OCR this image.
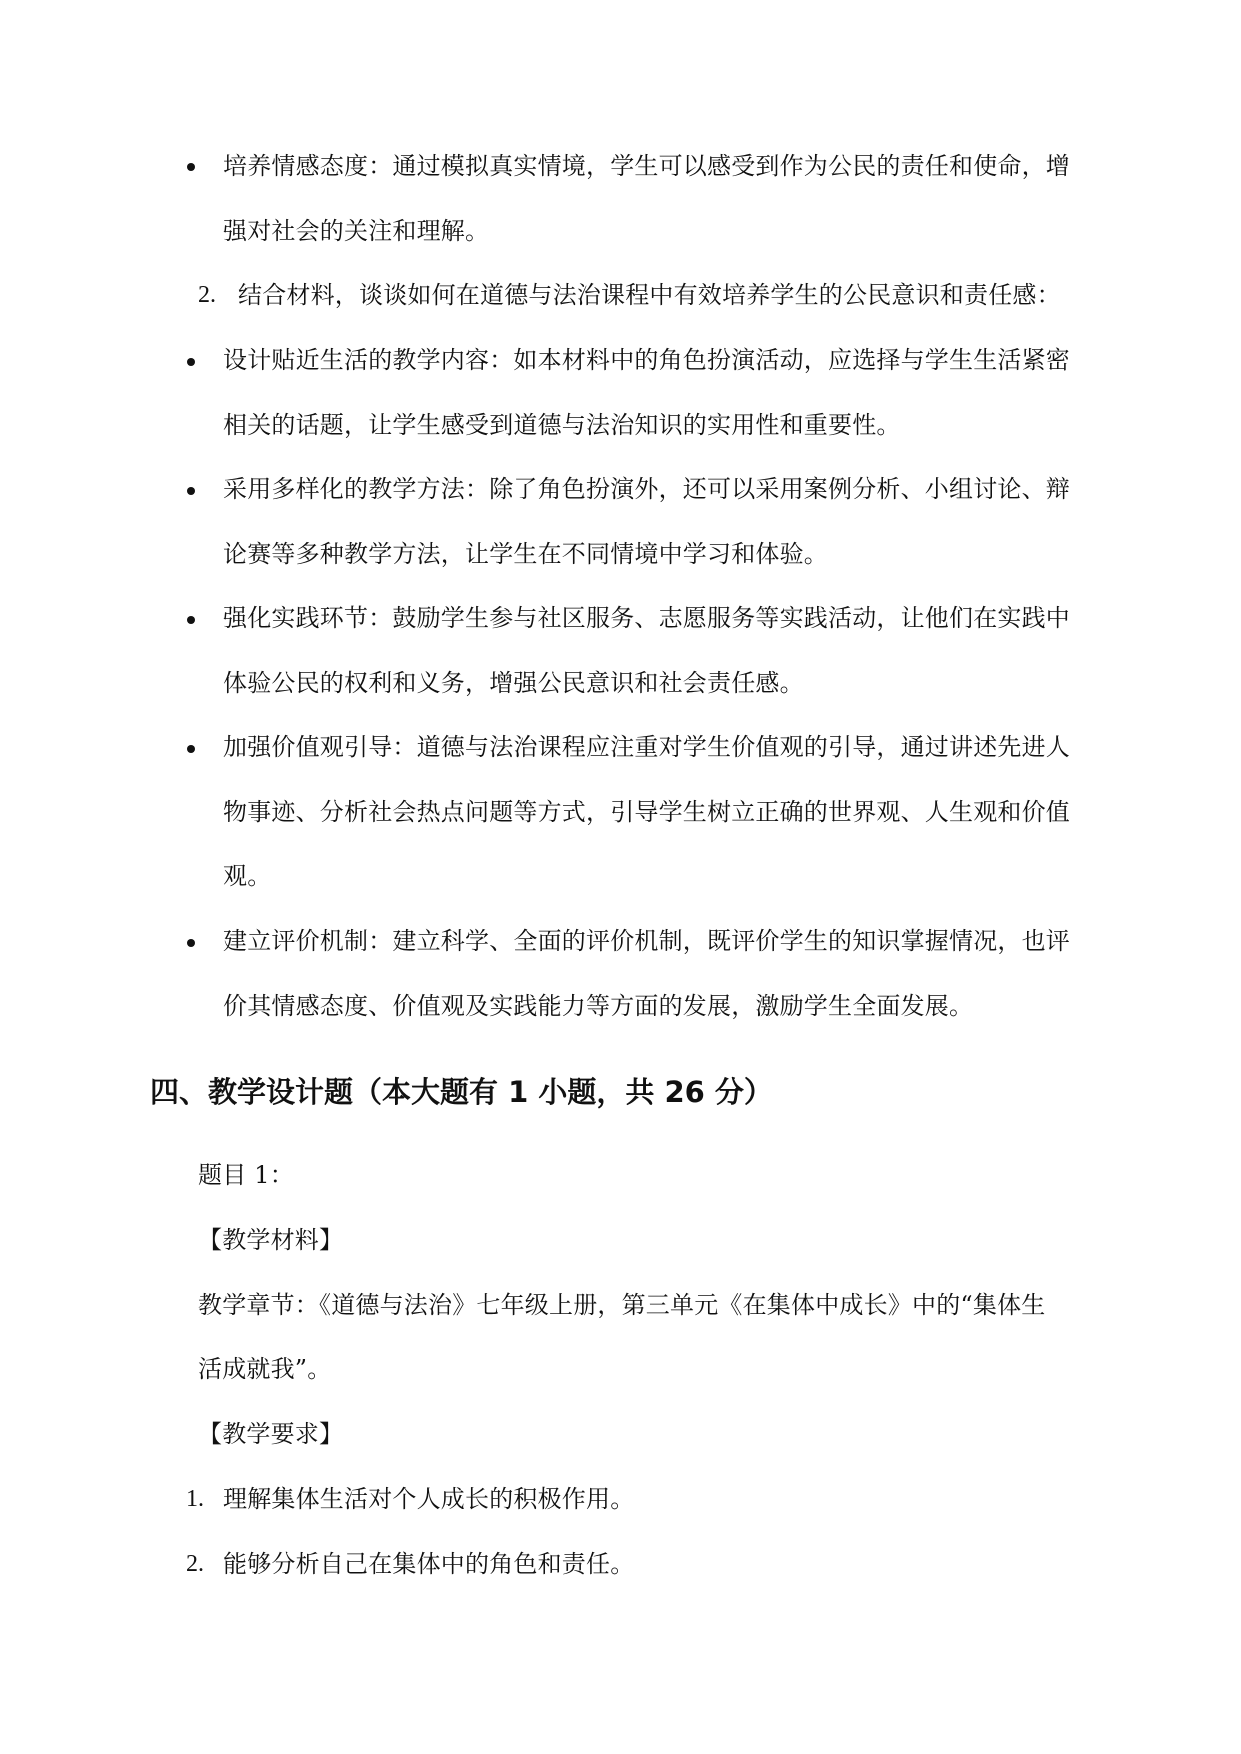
培养情感态度：通过模拟真实情境，学生可以感受到作为公民的责任和使命，增
强对社会的关注和理解。
2. 结合材料，谈谈如何在道德与法治课程中有效培养学生的公民意识和责任感：
设计贴近生活的教学内容：如本材料中的角色扮演活动，应选择与学生生活紧密
相关的话题，让学生感受到道德与法治知识的实用性和重要性。
采用多样化的教学方法：除了角色扮演外，还可以采用案例分析、小组讨论、辩
论赛等多种教学方法，让学生在不同情境中学习和体验。
强化实践环节：鼓励学生参与社区服务、志愿服务等实践活动，让他们在实践中
体验公民的权利和义务，增强公民意识和社会责任感。
加强价值观引导：道德与法治课程应注重对学生价值观的引导，通过讲述先进人
物事迹、分析社会热点问题等方式，引导学生树立正确的世界观、人生观和价值
观。
建立评价机制：建立科学、全面的评价机制，既评价学生的知识掌握情况，也评
价其情感态度、价值观及实践能力等方面的发展，激励学生全面发展。
四、教学设计题（本大题有 1 小题，共 26 分）
题目 1：
【教学材料】
教学章节：《道德与法治》七年级上册，第三单元《在集体中成长》中的“集体生
活成就我”。
【教学要求】
1. 理解集体生活对个人成长的积极作用。
2. 能够分析自己在集体中的角色和责任。
